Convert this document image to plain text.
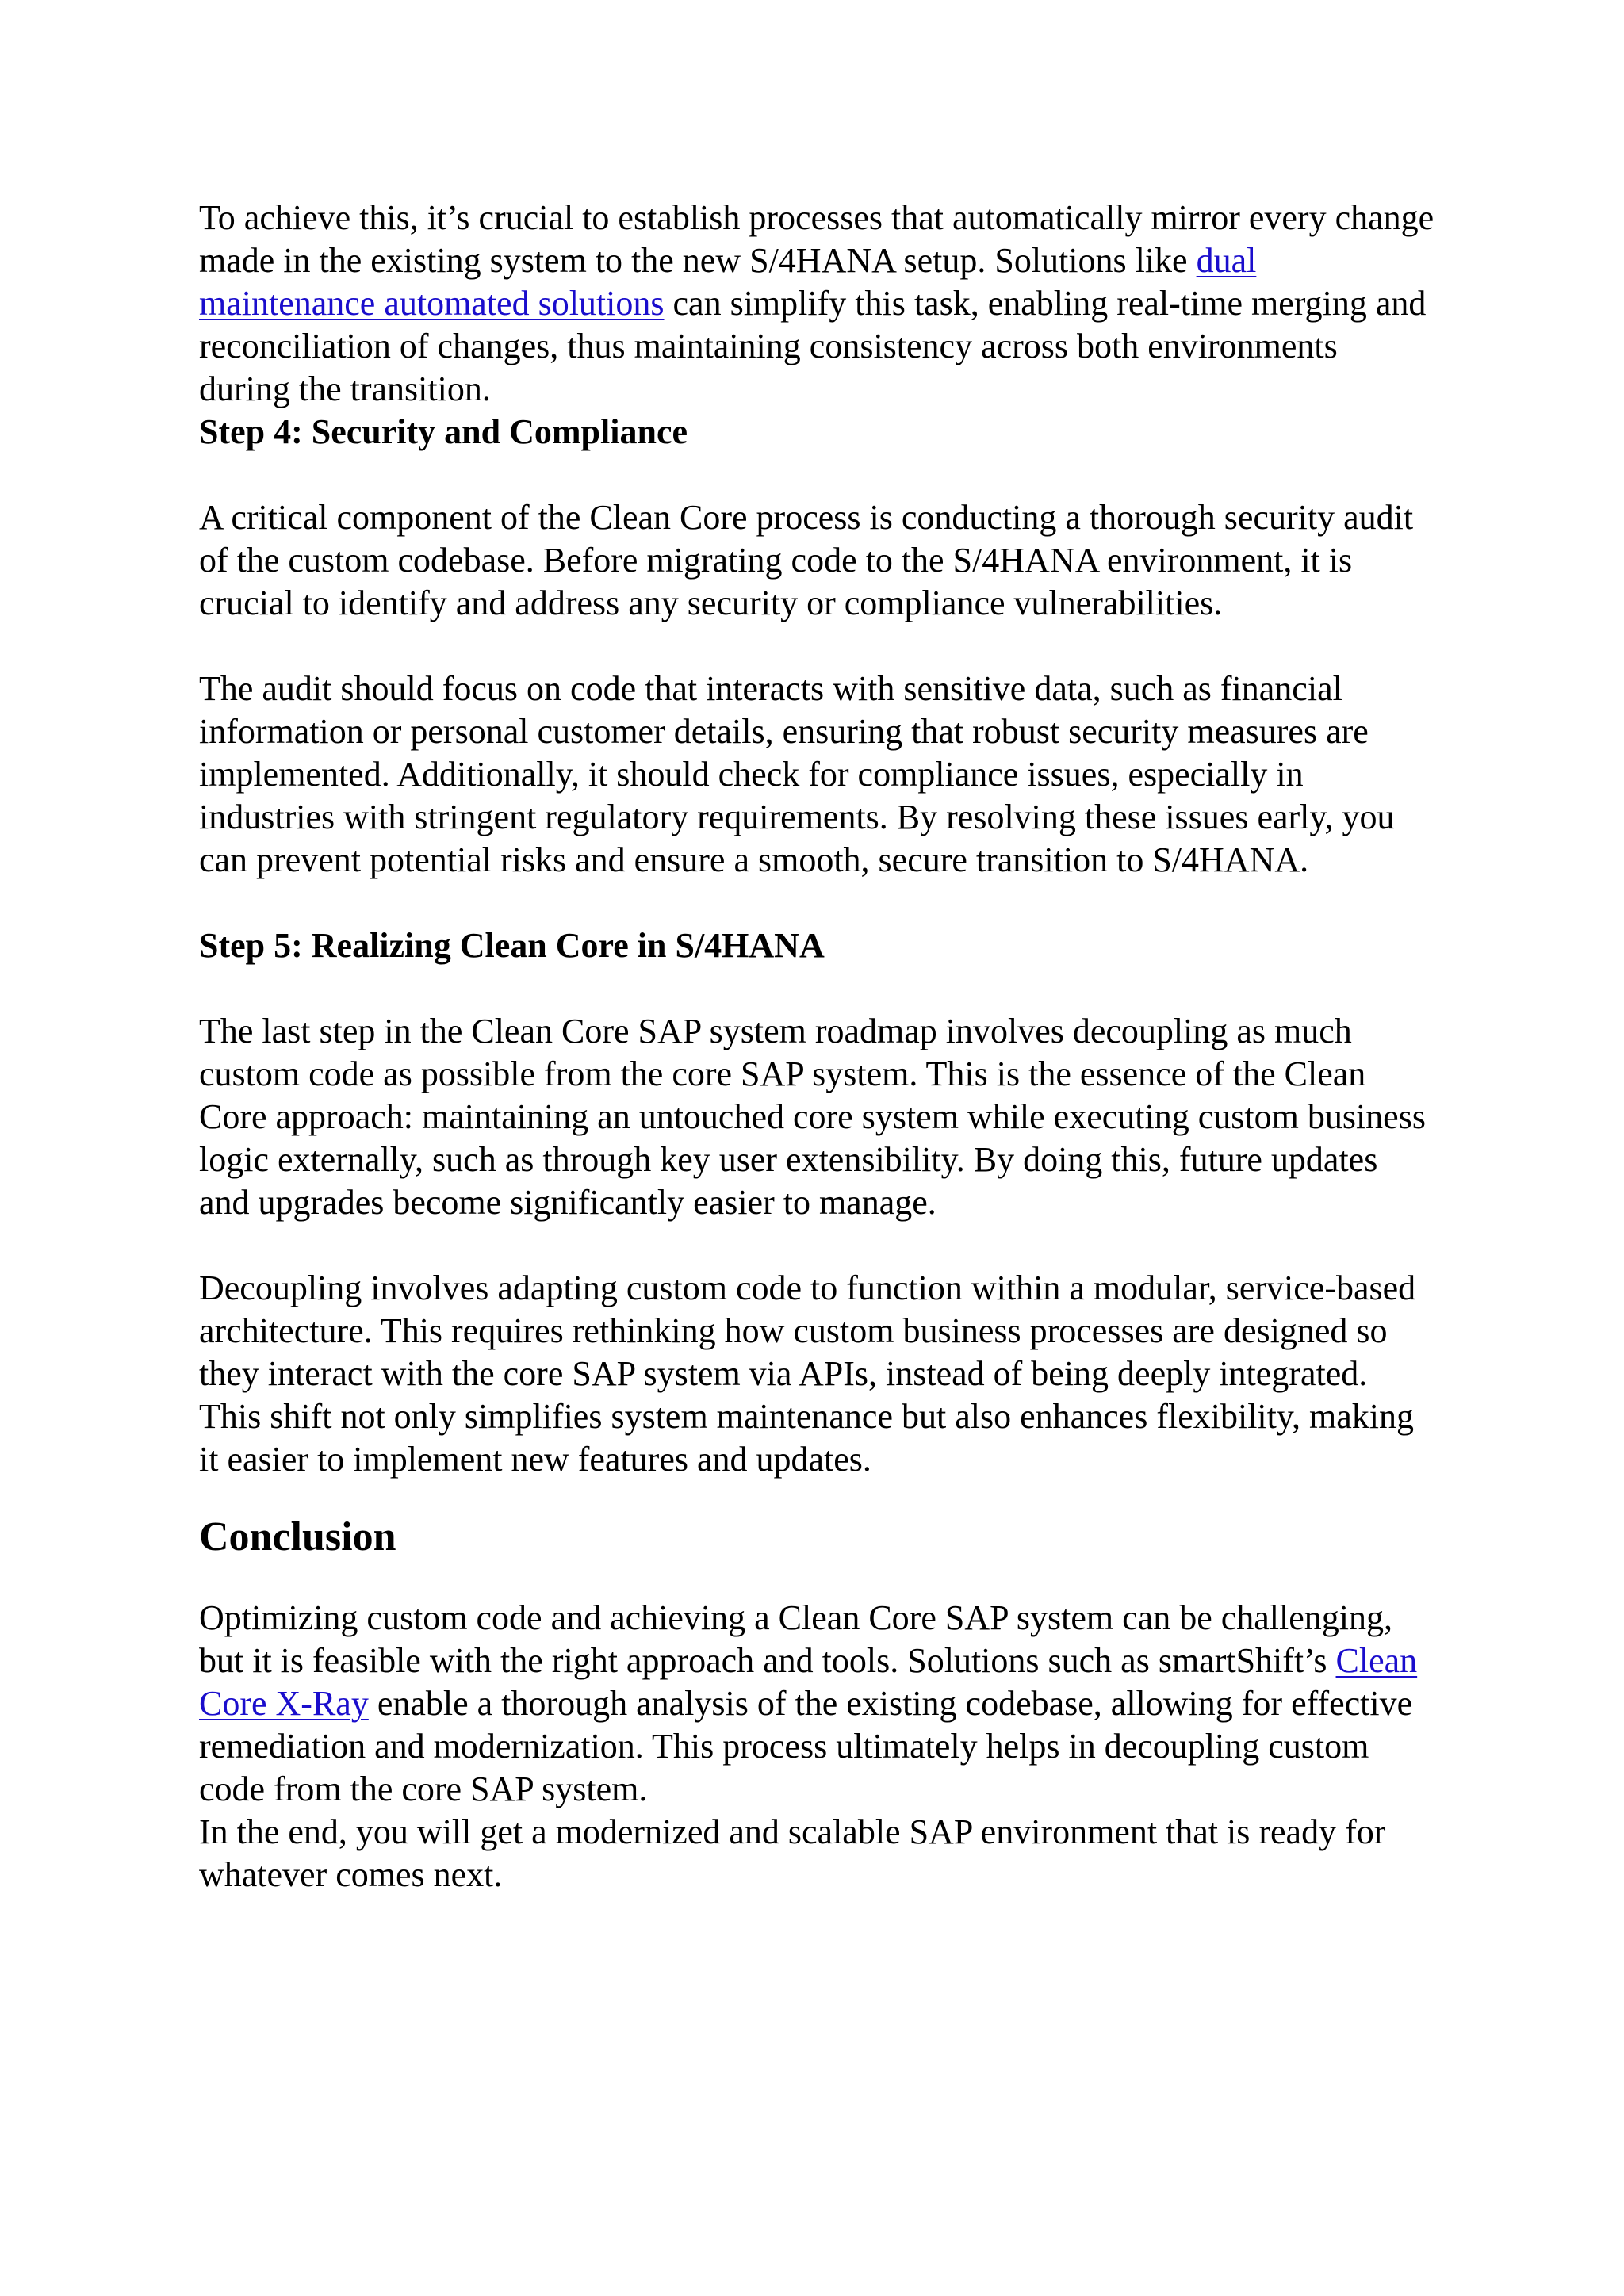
To achieve this, it’s crucial to establish processes that automatically mirror every change made in the existing system to the new S/4HANA setup. Solutions like dual maintenance automated solutions can simplify this task, enabling real-time merging and reconciliation of changes, thus maintaining consistency across both environments during the transition.

Step 4: Security and Compliance

A critical component of the Clean Core process is conducting a thorough security audit of the custom codebase. Before migrating code to the S/4HANA environment, it is crucial to identify and address any security or compliance vulnerabilities.

The audit should focus on code that interacts with sensitive data, such as financial information or personal customer details, ensuring that robust security measures are implemented. Additionally, it should check for compliance issues, especially in industries with stringent regulatory requirements. By resolving these issues early, you can prevent potential risks and ensure a smooth, secure transition to S/4HANA.

Step 5: Realizing Clean Core in S/4HANA

The last step in the Clean Core SAP system roadmap involves decoupling as much custom code as possible from the core SAP system. This is the essence of the Clean Core approach: maintaining an untouched core system while executing custom business logic externally, such as through key user extensibility. By doing this, future updates and upgrades become significantly easier to manage.

Decoupling involves adapting custom code to function within a modular, service-based architecture. This requires rethinking how custom business processes are designed so they interact with the core SAP system via APIs, instead of being deeply integrated. This shift not only simplifies system maintenance but also enhances flexibility, making it easier to implement new features and updates.

Conclusion

Optimizing custom code and achieving a Clean Core SAP system can be challenging, but it is feasible with the right approach and tools. Solutions such as smartShift’s Clean Core X-Ray enable a thorough analysis of the existing codebase, allowing for effective remediation and modernization. This process ultimately helps in decoupling custom code from the core SAP system.

In the end, you will get a modernized and scalable SAP environment that is ready for whatever comes next.
